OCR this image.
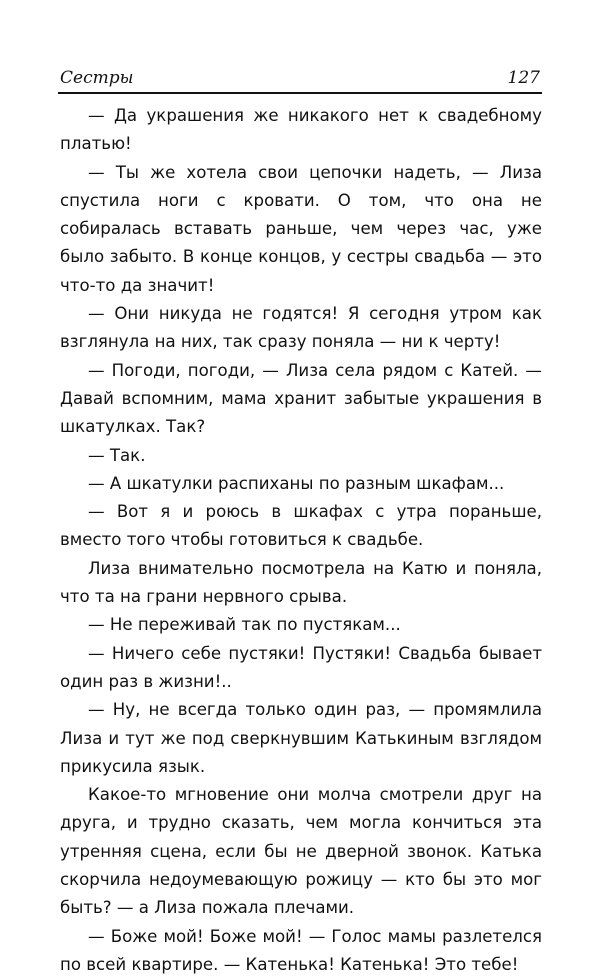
Сестры	127

— Да украшения же никакого нет к свадебному платью!

— Ты же хотела свои цепочки надеть, — Лиза спустила ноги с кровати. О том, что она не собиралась вставать раньше, чем через час, уже было забыто. В конце концов, у сестры свадьба — это что-то да значит!

— Они никуда не годятся! Я сегодня утром как взглянула на них, так сразу поняла — ни к черту!

— Погоди, погоди, — Лиза села рядом с Катей. — Давай вспомним, мама хранит забытые украшения в шкатулках. Так?

— Так.

— А шкатулки распиханы по разным шкафам...

— Вот я и роюсь в шкафах с утра пораньше, вместо того чтобы готовиться к свадьбе.

Лиза внимательно посмотрела на Катю и поняла, что та на грани нервного срыва.

— Не переживай так по пустякам...

— Ничего себе пустяки! Пустяки! Свадьба бывает один раз в жизни!..

— Ну, не всегда только один раз, — промямлила Лиза и тут же под сверкнувшим Катькиным взглядом прикусила язык.

Какое-то мгновение они молча смотрели друг на друга, и трудно сказать, чем могла кончиться эта утренняя сцена, если бы не дверной звонок. Катька скорчила недоумевающую рожицу — кто бы это мог быть? — а Лиза пожала плечами.

— Боже мой! Боже мой! — Голос мамы разлетелся по всей квартире. — Катенька! Катенька! Это тебе!
